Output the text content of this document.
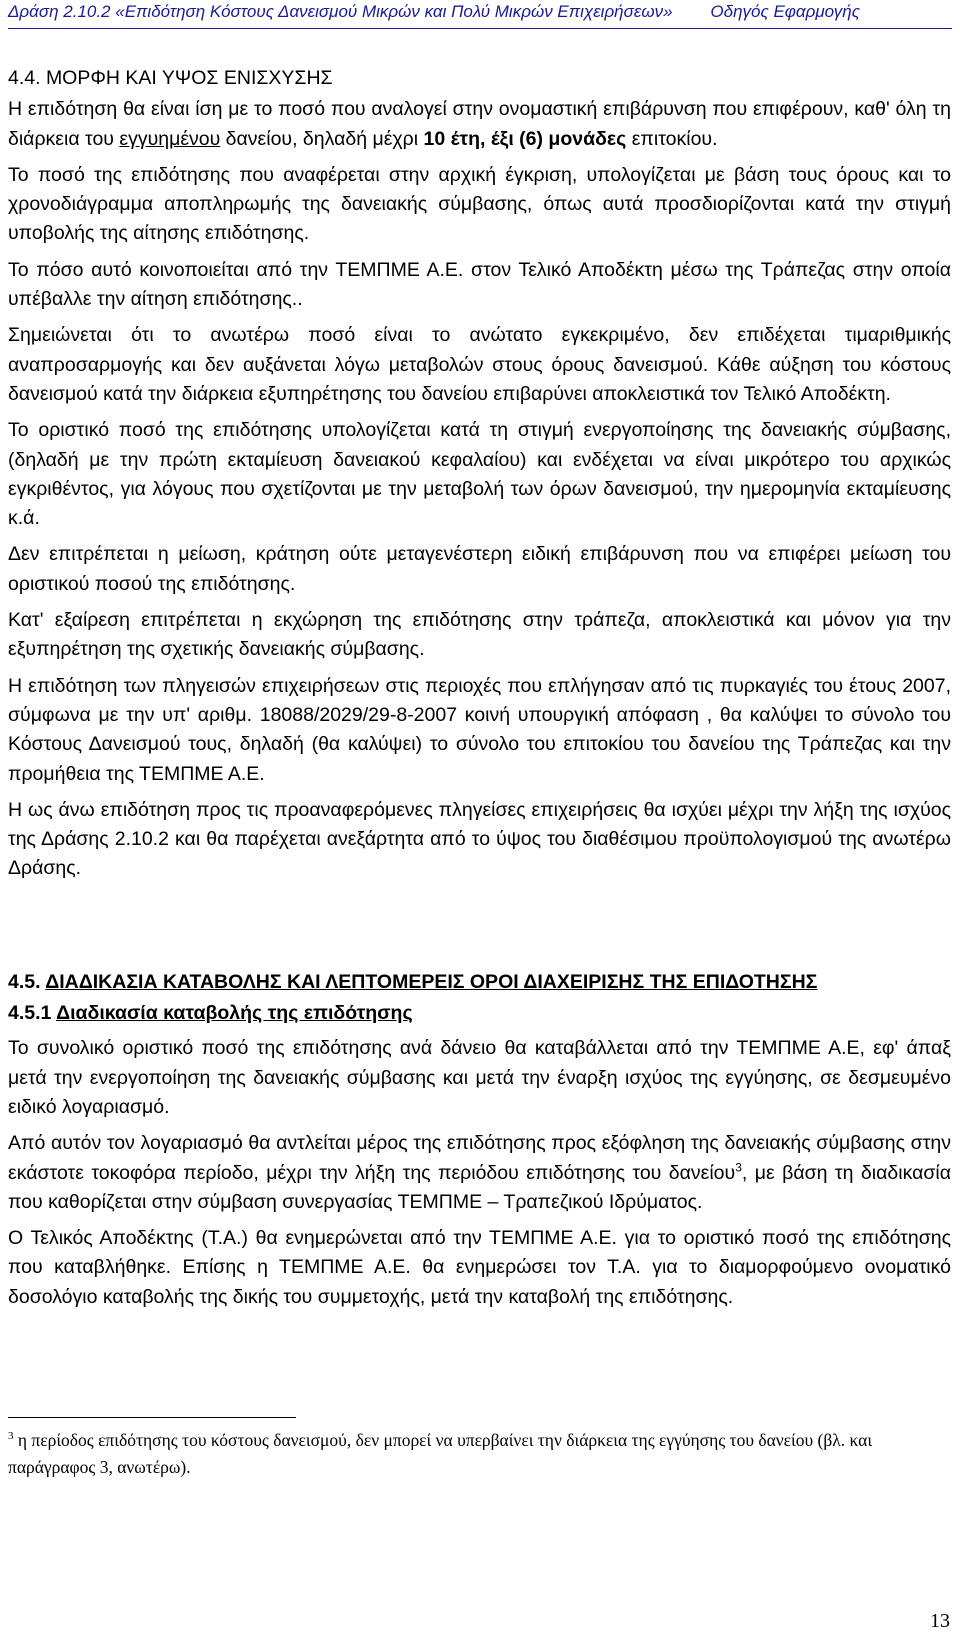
Δράση 2.10.2 «Επιδότηση Κόστους Δανεισμού Μικρών και Πολύ Μικρών Επιχειρήσεων» Οδηγός Εφαρμογής
4.4. ΜΟΡΦΗ ΚΑΙ ΥΨΟΣ ΕΝΙΣΧΥΣΗΣ

Η επιδότηση θα είναι ίση με το ποσό που αναλογεί στην ονομαστική επιβάρυνση που επιφέρουν, καθ' όλη τη διάρκεια του εγγυημένου δανείου, δηλαδή μέχρι 10 έτη, έξι (6) μονάδες επιτοκίου.

Το ποσό της επιδότησης που αναφέρεται στην αρχική έγκριση, υπολογίζεται με βάση τους όρους και το χρονοδιάγραμμα αποπληρωμής της δανειακής σύμβασης, όπως αυτά προσδιορίζονται κατά την στιγμή υποβολής της αίτησης επιδότησης.

Το πόσο αυτό κοινοποιείται από την ΤΕΜΠΜΕ Α.Ε. στον Τελικό Αποδέκτη μέσω της Τράπεζας στην οποία υπέβαλλε την αίτηση επιδότησης..

Σημειώνεται ότι το ανωτέρω ποσό είναι το ανώτατο εγκεκριμένο, δεν επιδέχεται τιμαριθμικής αναπροσαρμογής και δεν αυξάνεται λόγω μεταβολών στους όρους δανεισμού. Κάθε αύξηση του κόστους δανεισμού κατά την διάρκεια εξυπηρέτησης του δανείου επιβαρύνει αποκλειστικά τον Τελικό Αποδέκτη.

Το οριστικό ποσό της επιδότησης υπολογίζεται κατά τη στιγμή ενεργοποίησης της δανειακής σύμβασης, (δηλαδή με την πρώτη εκταμίευση δανειακού κεφαλαίου) και ενδέχεται να είναι μικρότερο του αρχικώς εγκριθέντος, για λόγους που σχετίζονται με την μεταβολή των όρων δανεισμού, την ημερομηνία εκταμίευσης κ.ά.

Δεν επιτρέπεται η μείωση, κράτηση ούτε μεταγενέστερη ειδική επιβάρυνση που να επιφέρει μείωση του οριστικού ποσού της επιδότησης.

Κατ' εξαίρεση επιτρέπεται η εκχώρηση της επιδότησης στην τράπεζα, αποκλειστικά και μόνον για την εξυπηρέτηση της σχετικής δανειακής σύμβασης.

Η επιδότηση των πληγεισών επιχειρήσεων στις περιοχές που επλήγησαν από τις πυρκαγιές του έτους 2007, σύμφωνα με την υπ' αριθμ. 18088/2029/29-8-2007 κοινή υπουργική απόφαση , θα καλύψει το σύνολο του Κόστους Δανεισμού τους, δηλαδή (θα καλύψει) το σύνολο του επιτοκίου του δανείου της Τράπεζας και την προμήθεια της ΤΕΜΠΜΕ Α.Ε.

Η ως άνω επιδότηση προς τις προαναφερόμενες πληγείσες επιχειρήσεις θα ισχύει μέχρι την λήξη της ισχύος της Δράσης 2.10.2 και θα παρέχεται ανεξάρτητα από το ύψος του διαθέσιμου προϋπολογισμού της ανωτέρω Δράσης.

4.5. ΔΙΑΔΙΚΑΣΙΑ ΚΑΤΑΒΟΛΗΣ ΚΑΙ ΛΕΠΤΟΜΕΡΕΙΣ ΟΡΟΙ ΔΙΑΧΕΙΡΙΣΗΣ ΤΗΣ ΕΠΙΔΟΤΗΣΗΣ
4.5.1 Διαδικασία καταβολής της επιδότησης

Το συνολικό οριστικό ποσό της επιδότησης ανά δάνειο θα καταβάλλεται από την ΤΕΜΠΜΕ Α.Ε, εφ' άπαξ μετά την ενεργοποίηση της δανειακής σύμβασης και μετά την έναρξη ισχύος της εγγύησης, σε δεσμευμένο ειδικό λογαριασμό.

Από αυτόν τον λογαριασμό θα αντλείται μέρος της επιδότησης προς εξόφληση της δανειακής σύμβασης στην εκάστοτε τοκοφόρα περίοδο, μέχρι την λήξη της περιόδου επιδότησης του δανείου$^3$, με βάση τη διαδικασία που καθορίζεται στην σύμβαση συνεργασίας ΤΕΜΠΜΕ – Τραπεζικού Ιδρύματος.

Ο Τελικός Αποδέκτης (Τ.Α.) θα ενημερώνεται από την ΤΕΜΠΜΕ Α.Ε. για το οριστικό ποσό της επιδότησης που καταβλήθηκε. Επίσης η ΤΕΜΠΜΕ Α.Ε. θα ενημερώσει τον Τ.Α. για το διαμορφούμενο ονοματικό δοσολόγιο καταβολής της δικής του συμμετοχής, μετά την καταβολή της επιδότησης.

$^3$ η περίοδος επιδότησης του κόστους δανεισμού, δεν μπορεί να υπερβαίνει την διάρκεια της εγγύησης του δανείου (βλ. και παράγραφος 3, ανωτέρω).
13
